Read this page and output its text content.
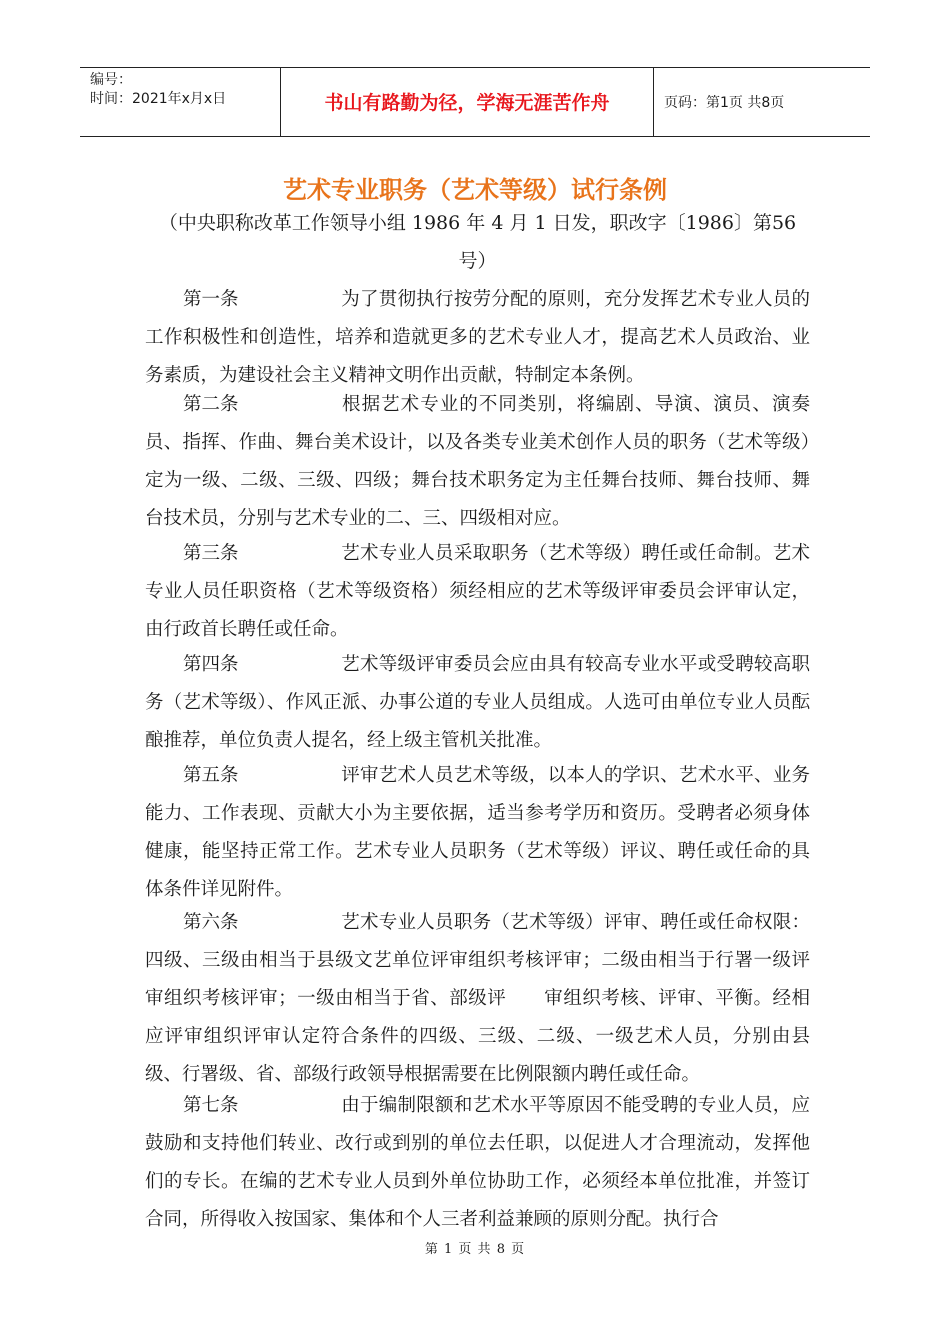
编号：
时间：2021年x月x日	书山有路勤为径，学海无涯苦作舟	页码：第1页 共8页
艺术专业职务（艺术等级）试行条例
（中央职称改革工作领导小组 1986 年 4 月 1 日发，职改字〔1986〕第56号）

第一条	为了贯彻执行按劳分配的原则，充分发挥艺术专业人员的工作积极性和创造性，培养和造就更多的艺术专业人才，提高艺术人员政治、业务素质，为建设社会主义精神文明作出贡献，特制定本条例。

第二条	根据艺术专业的不同类别，将编剧、导演、演员、演奏员、指挥、作曲、舞台美术设计，以及各类专业美术创作人员的职务（艺术等级）定为一级、二级、三级、四级；舞台技术职务定为主任舞台技师、舞台技师、舞台技术员，分别与艺术专业的二、三、四级相对应。

第三条	艺术专业人员采取职务（艺术等级）聘任或任命制。艺术专业人员任职资格（艺术等级资格）须经相应的艺术等级评审委员会评审认定，由行政首长聘任或任命。

第四条	艺术等级评审委员会应由具有较高专业水平或受聘较高职务（艺术等级）、作风正派、办事公道的专业人员组成。人选可由单位专业人员酝酿推荐，单位负责人提名，经上级主管机关批准。

第五条	评审艺术人员艺术等级，以本人的学识、艺术水平、业务能力、工作表现、贡献大小为主要依据，适当参考学历和资历。受聘者必须身体健康，能坚持正常工作。艺术专业人员职务（艺术等级）评议、聘任或任命的具体条件详见附件。

第六条	艺术专业人员职务（艺术等级）评审、聘任或任命权限：四级、三级由相当于县级文艺单位评审组织考核评审；二级由相当于行署一级评审组织考核评审；一级由相当于省、部级评　　审组织考核、评审、平衡。经相应评审组织评审认定符合条件的四级、三级、二级、一级艺术人员，分别由县级、行署级、省、部级行政领导根据需要在比例限额内聘任或任命。

第七条	由于编制限额和艺术水平等原因不能受聘的专业人员，应鼓励和支持他们转业、改行或到别的单位去任职，以促进人才合理流动，发挥他们的专长。在编的艺术专业人员到外单位协助工作，必须经本单位批准，并签订合同，所得收入按国家、集体和个人三者利益兼顾的原则分配。执行合

第 1 页 共 8 页
